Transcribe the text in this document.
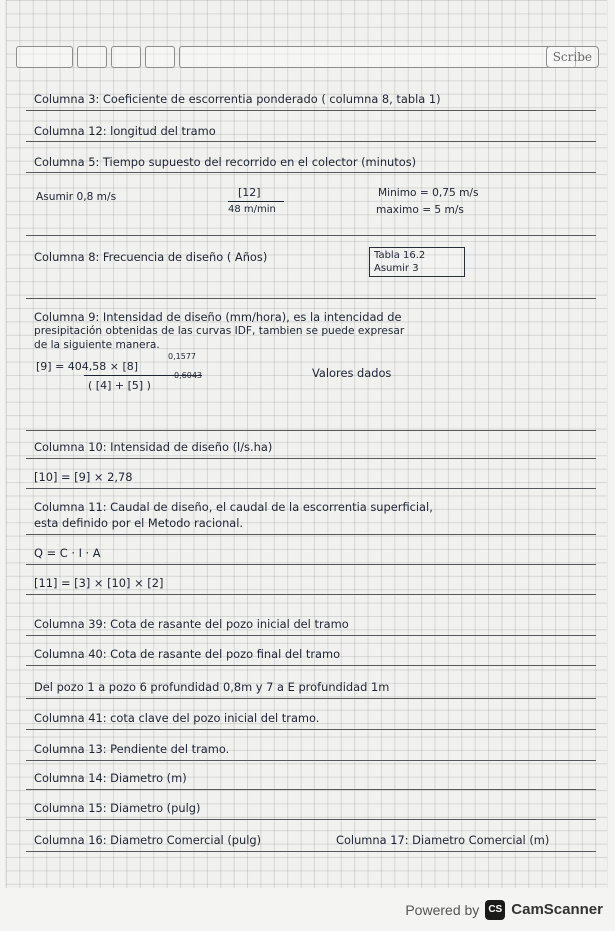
Scribe
Columna 3: Coeficiente de escorrentia ponderado ( columna 8, tabla 1)
Columna 12: longitud del tramo
Columna 5: Tiempo supuesto del recorrido en el colector (minutos)
Asumir 0,8 m/s	[12]
48 m/min
Minimo = 0,75 m/s
maximo = 5 m/s
Columna 8: Frecuencia de diseño ( Años)	Tabla 16.2
Asumir 3
Columna 9: Intensidad de diseño (mm/hora), es la intencidad de
presipitación obtenidas de las curvas IDF, tambien se puede expresar
de la siguiente manera.
[9] = 404,58 × [8]
0,1577
( [4] + [5] )
0,6043	Valores dados
Columna 10: Intensidad de diseño (l/s.ha)
[10] = [9] × 2,78
Columna 11: Caudal de diseño, el caudal de la escorrentia superficial,
esta definido por el Metodo racional.
Q = C · I · A
[11] = [3] × [10] × [2]
Columna 39: Cota de rasante del pozo inicial del tramo
Columna 40: Cota de rasante del pozo final del tramo
Del pozo 1 a pozo 6 profundidad 0,8m y 7 a E profundidad 1m
Columna 41: cota clave del pozo inicial del tramo.
Columna 13: Pendiente del tramo.
Columna 14: Diametro (m)
Columna 15: Diametro (pulg)
Columna 16: Diametro Comercial (pulg)	Columna 17: Diametro Comercial (m)
Powered by CS CamScanner
